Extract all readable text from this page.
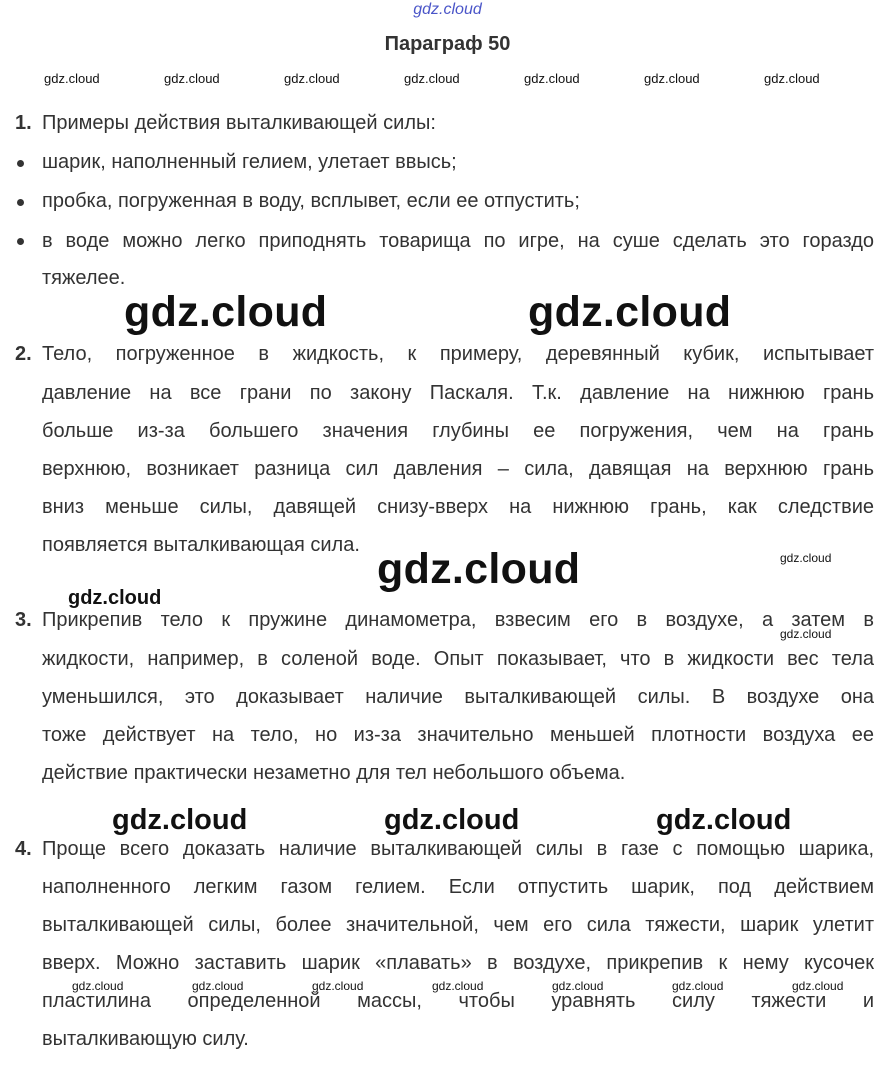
gdz.cloud
Параграф 50
gdz.cloud	gdz.cloud	gdz.cloud	gdz.cloud	gdz.cloud	gdz.cloud	gdz.cloud
1. Примеры действия выталкивающей силы:
шарик, наполненный гелием, улетает ввысь;
пробка, погруженная в воду, всплывет, если ее отпустить;
в воде можно легко приподнять товарища по игре, на суше сделать это гораздо
тяжелее.
gdz.cloud	gdz.cloud
2. Тело, погруженное в жидкость, к примеру, деревянный кубик, испытывает
давление на все грани по закону Паскаля. Т.к. давление на нижнюю грань
больше из-за большего значения глубины ее погружения, чем на грань
верхнюю, возникает разница сил давления – сила, давящая на верхнюю грань
вниз меньше силы, давящей снизу-вверх на нижнюю грань, как следствие
появляется выталкивающая сила.
gdz.cloud
gdz.cloud
gdz.cloud
3. Прикрепив тело к пружине динамометра, взвесим его в воздухе, а затем в
gdz.cloud
жидкости, например, в соленой воде. Опыт показывает, что в жидкости вес тела
уменьшился, это доказывает наличие выталкивающей силы. В воздухе она
тоже действует на тело, но из-за значительно меньшей плотности воздуха ее
действие практически незаметно для тел небольшого объема.
gdz.cloud	gdz.cloud	gdz.cloud
4. Проще всего доказать наличие выталкивающей силы в газе с помощью шарика,
наполненного легким газом гелием. Если отпустить шарик, под действием
выталкивающей силы, более значительной, чем его сила тяжести, шарик улетит
вверх. Можно заставить шарик «плавать» в воздухе, прикрепив к нему кусочек
gdz.cloud	gdz.cloud	gdz.cloud	gdz.cloud	gdz.cloud	gdz.cloud	gdz.cloud
пластилина определенной массы, чтобы уравнять силу тяжести и
выталкивающую силу.
